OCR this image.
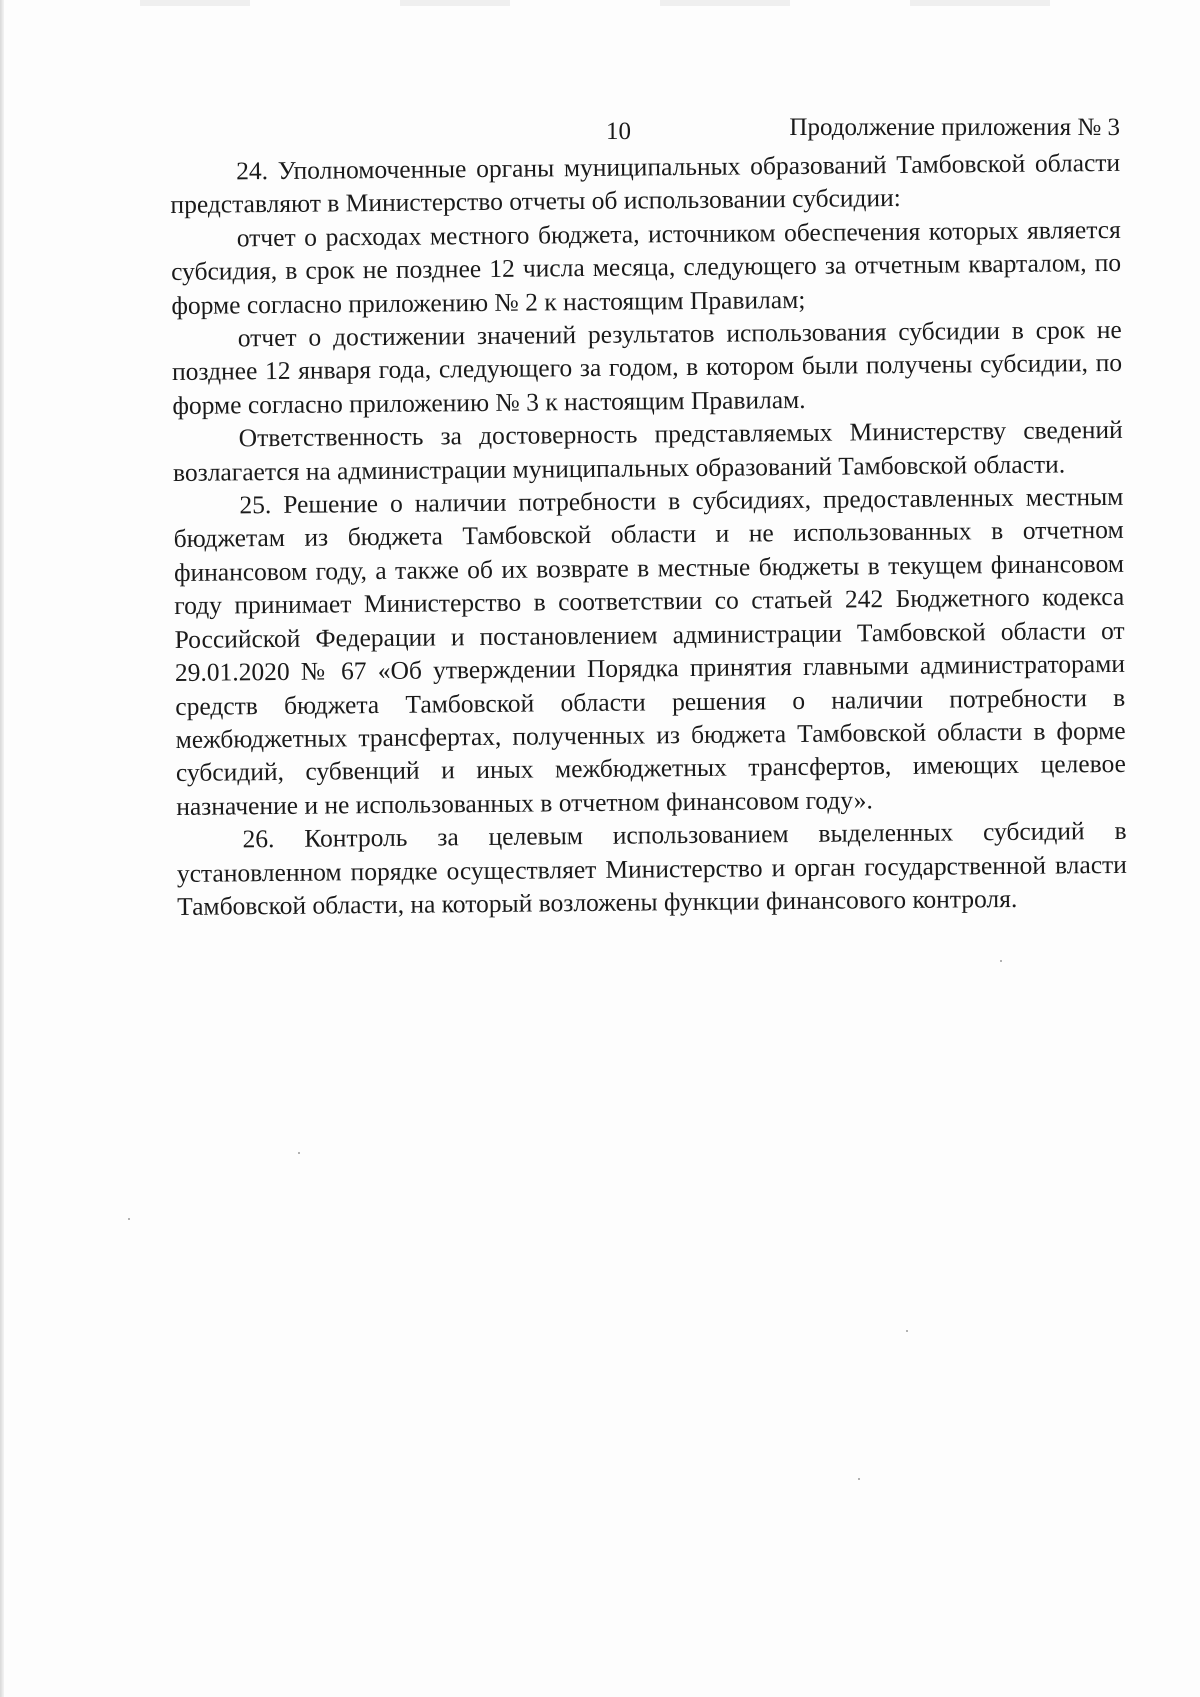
10	Продолжение приложения № 3

24. Уполномоченные органы муниципальных образований Тамбовской области представляют в Министерство отчеты об использовании субсидии:

отчет о расходах местного бюджета, источником обеспечения которых является субсидия, в срок не позднее 12 числа месяца, следующего за отчетным кварталом, по форме согласно приложению № 2 к настоящим Правилам;

отчет о достижении значений результатов использования субсидии в срок не позднее 12 января года, следующего за годом, в котором были получены субсидии, по форме согласно приложению № 3 к настоящим Правилам.

Ответственность за достоверность представляемых Министерству сведений возлагается на администрации муниципальных образований Тамбовской области.

25. Решение о наличии потребности в субсидиях, предоставленных местным бюджетам из бюджета Тамбовской области и не использованных в отчетном финансовом году, а также об их возврате в местные бюджеты в текущем финансовом году принимает Министерство в соответствии со статьей 242 Бюджетного кодекса Российской Федерации и постановлением администрации Тамбовской области от 29.01.2020 № 67 «Об утверждении Порядка принятия главными администраторами средств бюджета Тамбовской области решения о наличии потребности в межбюджетных трансфертах, полученных из бюджета Тамбовской области в форме субсидий, субвенций и иных межбюджетных трансфертов, имеющих целевое назначение и не использованных в отчетном финансовом году».

26. Контроль за целевым использованием выделенных субсидий в установленном порядке осуществляет Министерство и орган государственной власти Тамбовской области, на который возложены функции финансового контроля.
